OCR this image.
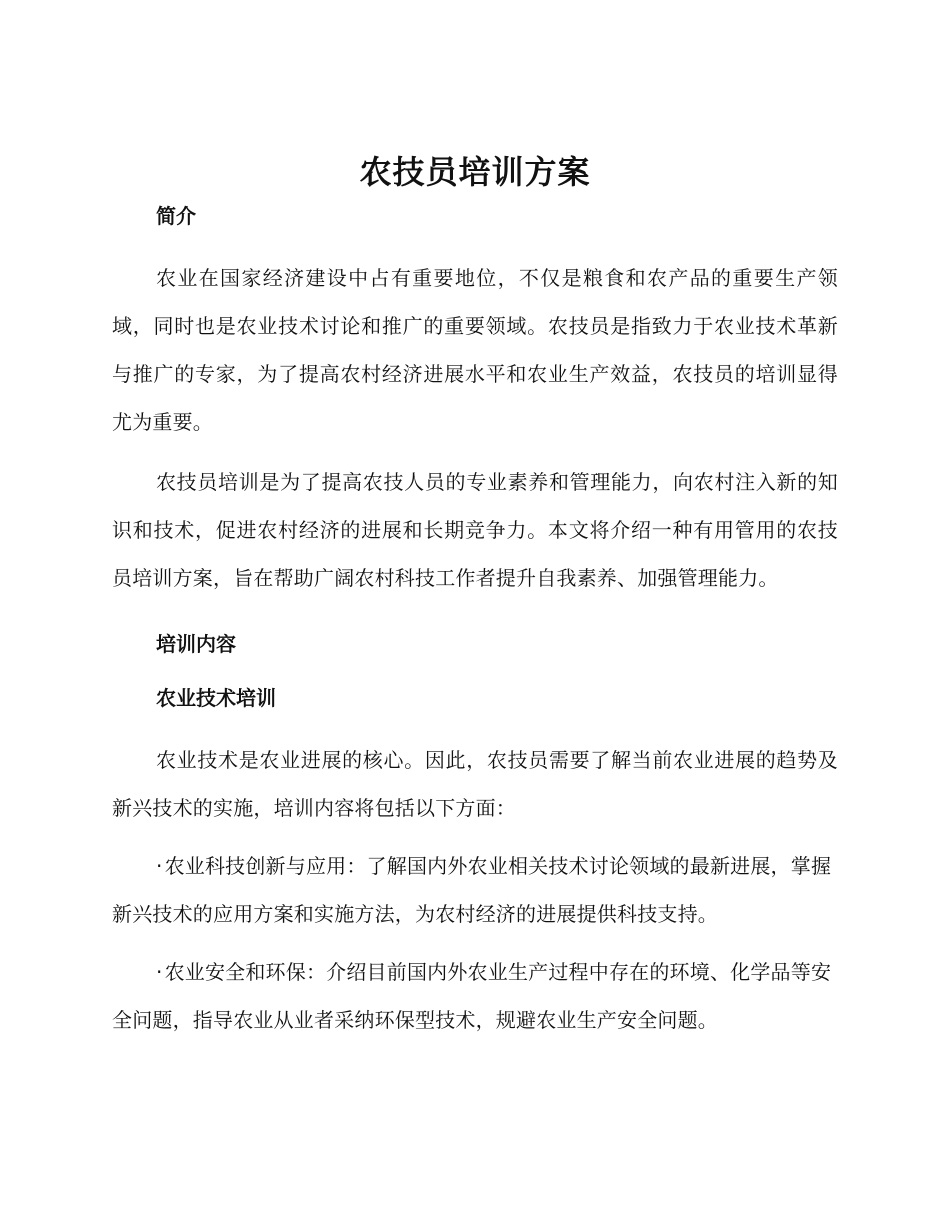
农技员培训方案
简介

农业在国家经济建设中占有重要地位，不仅是粮食和农产品的重要生产领域，同时也是农业技术讨论和推广的重要领域。农技员是指致力于农业技术革新与推广的专家，为了提高农村经济进展水平和农业生产效益，农技员的培训显得尤为重要。

农技员培训是为了提高农技人员的专业素养和管理能力，向农村注入新的知识和技术，促进农村经济的进展和长期竞争力。本文将介绍一种有用管用的农技员培训方案，旨在帮助广阔农村科技工作者提升自我素养、加强管理能力。

培训内容
农业技术培训

农业技术是农业进展的核心。因此，农技员需要了解当前农业进展的趋势及新兴技术的实施，培训内容将包括以下方面：

· 农业科技创新与应用：了解国内外农业相关技术讨论领域的最新进展，掌握新兴技术的应用方案和实施方法，为农村经济的进展提供科技支持。

· 农业安全和环保：介绍目前国内外农业生产过程中存在的环境、化学品等安全问题，指导农业从业者采纳环保型技术，规避农业生产安全问题。
